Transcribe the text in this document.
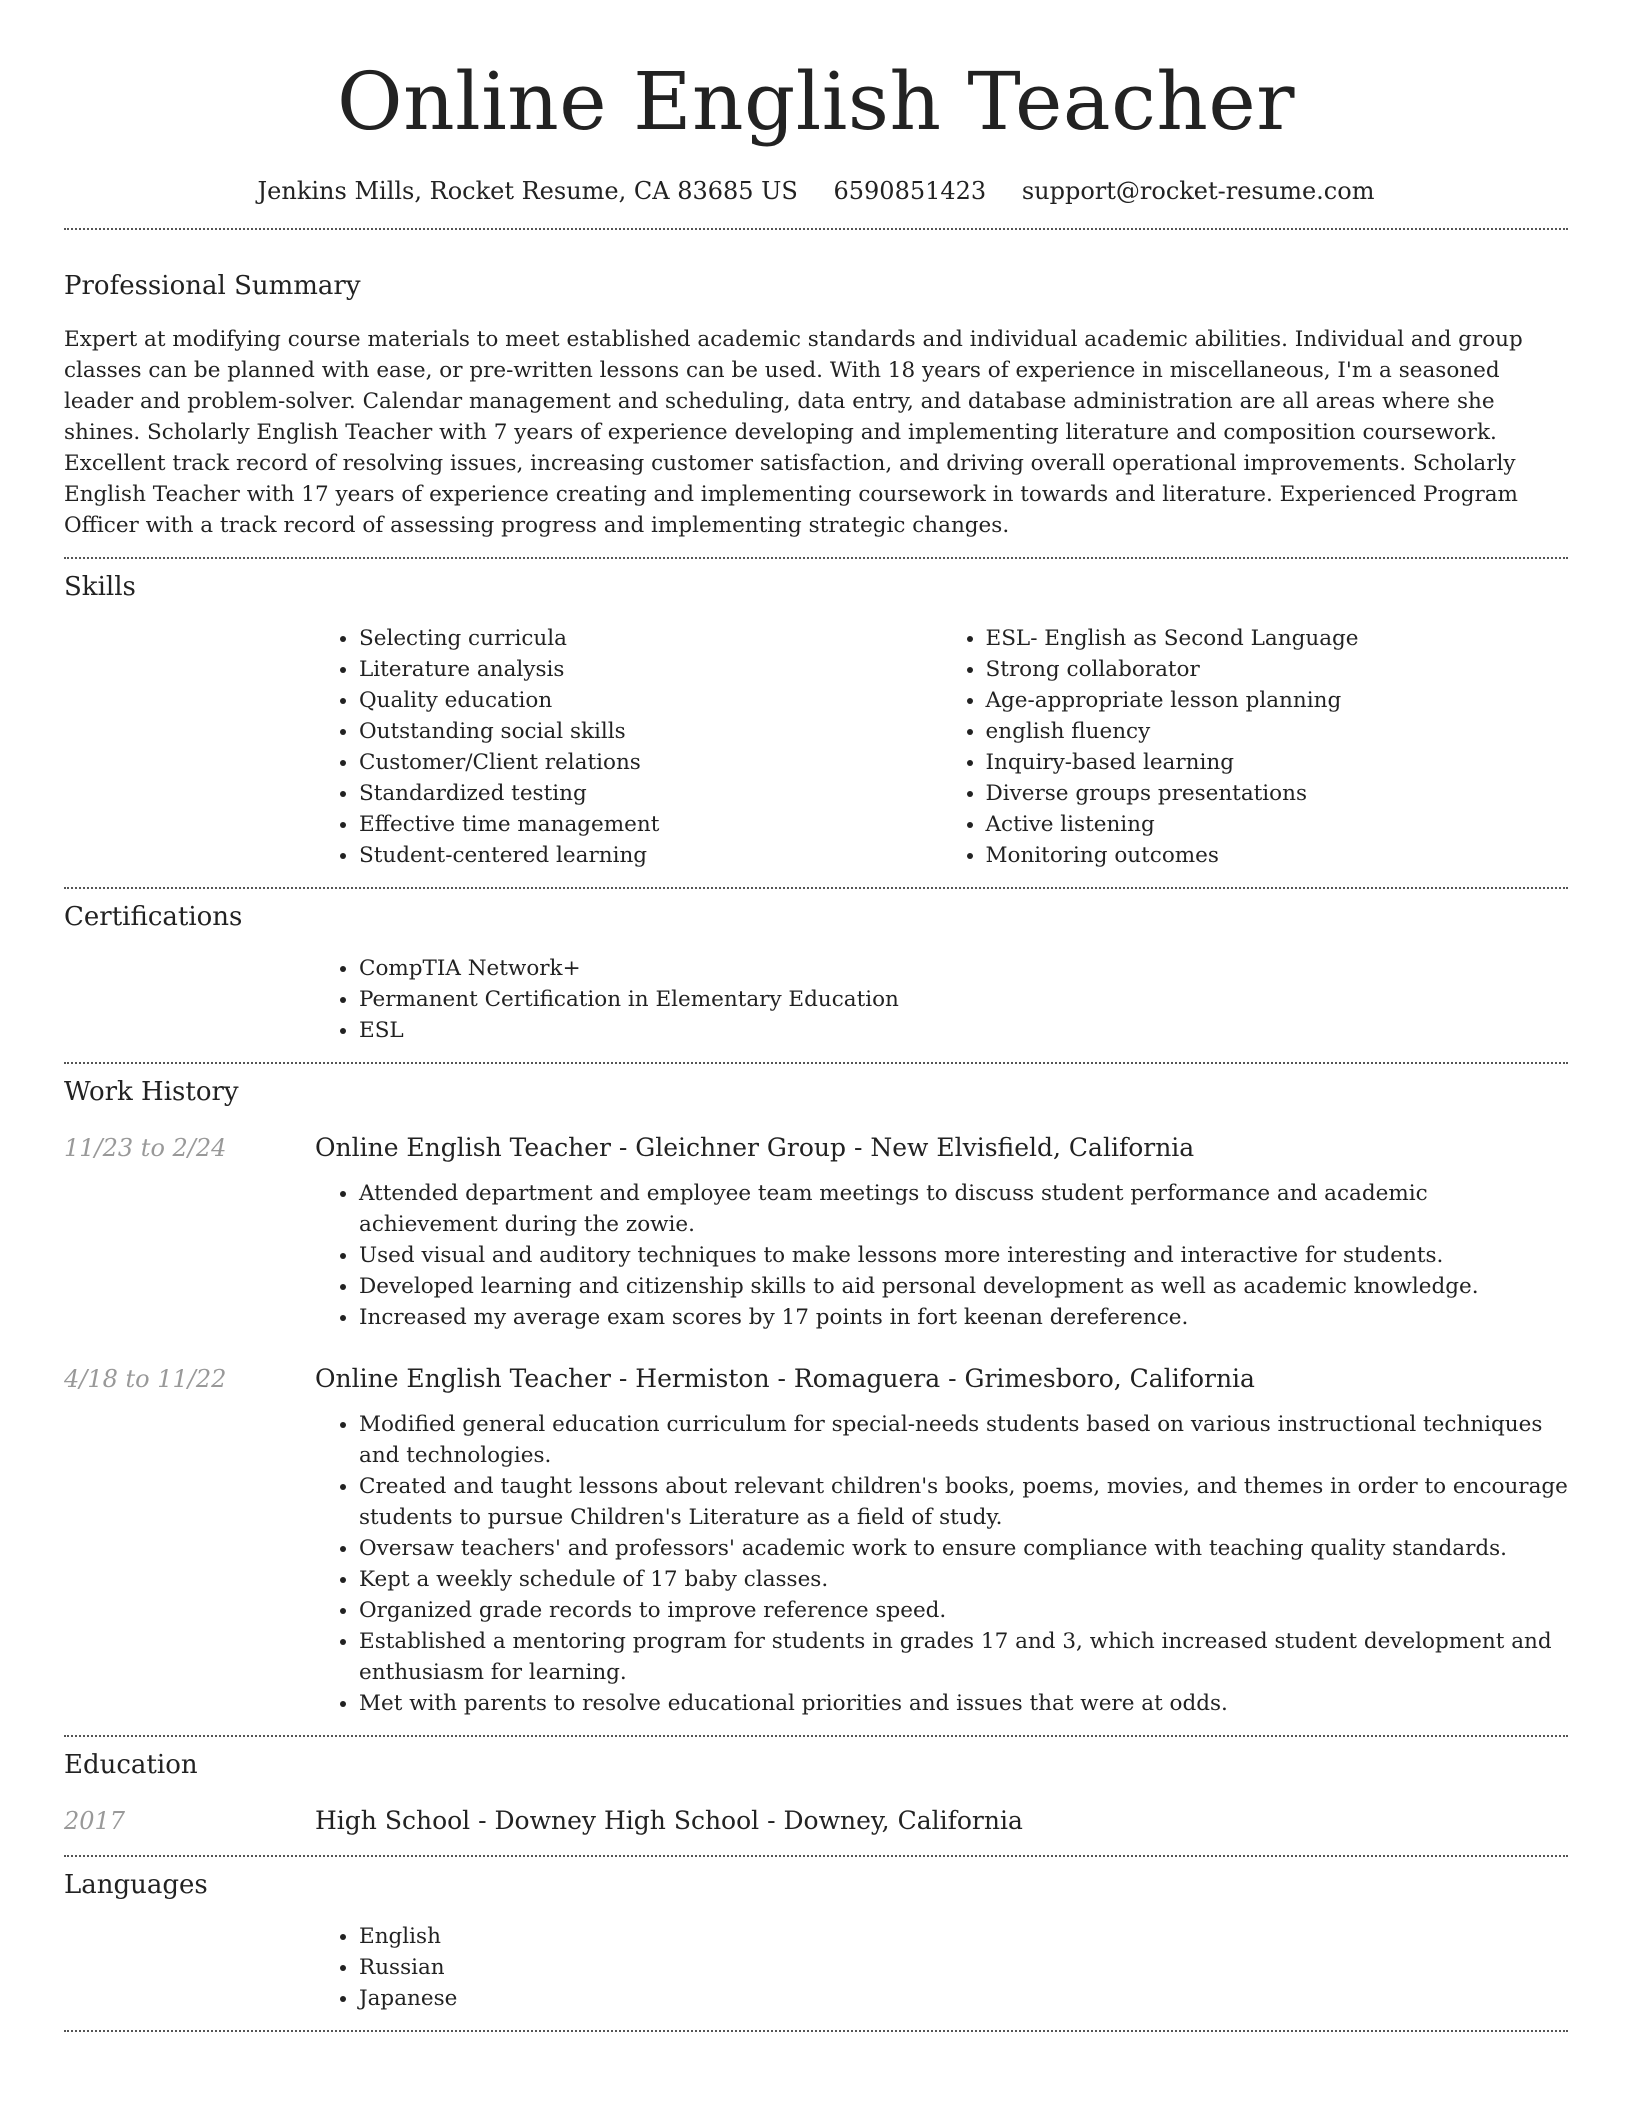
Online English Teacher
Jenkins Mills, Rocket Resume, CA 83685 US 6590851423 support@rocket-resume.com
Professional Summary

Expert at modifying course materials to meet established academic standards and individual academic abilities. Individual and group classes can be planned with ease, or pre-written lessons can be used. With 18 years of experience in miscellaneous, I'm a seasoned leader and problem-solver. Calendar management and scheduling, data entry, and database administration are all areas where she shines. Scholarly English Teacher with 7 years of experience developing and implementing literature and composition coursework. Excellent track record of resolving issues, increasing customer satisfaction, and driving overall operational improvements. Scholarly English Teacher with 17 years of experience creating and implementing coursework in towards and literature. Experienced Program Officer with a track record of assessing progress and implementing strategic changes.

Skills
• Selecting curricula
• Literature analysis
• Quality education
• Outstanding social skills
• Customer/Client relations
• Standardized testing
• Effective time management
• Student-centered learning
• ESL- English as Second Language
• Strong collaborator
• Age-appropriate lesson planning
• english fluency
• Inquiry-based learning
• Diverse groups presentations
• Active listening
• Monitoring outcomes
Certifications
• CompTIA Network+
• Permanent Certification in Elementary Education
• ESL
Work History
11/23 to 2/24	Online English Teacher - Gleichner Group - New Elvisfield, California
• Attended department and employee team meetings to discuss student performance and academic achievement during the zowie.
• Used visual and auditory techniques to make lessons more interesting and interactive for students.
• Developed learning and citizenship skills to aid personal development as well as academic knowledge.
• Increased my average exam scores by 17 points in fort keenan dereference.
4/18 to 11/22	Online English Teacher - Hermiston - Romaguera - Grimesboro, California
• Modified general education curriculum for special-needs students based on various instructional techniques and technologies.
• Created and taught lessons about relevant children's books, poems, movies, and themes in order to encourage students to pursue Children's Literature as a field of study.
• Oversaw teachers' and professors' academic work to ensure compliance with teaching quality standards.
• Kept a weekly schedule of 17 baby classes.
• Organized grade records to improve reference speed.
• Established a mentoring program for students in grades 17 and 3, which increased student development and enthusiasm for learning.
• Met with parents to resolve educational priorities and issues that were at odds.
Education
2017	High School - Downey High School - Downey, California
Languages
• English
• Russian
• Japanese
